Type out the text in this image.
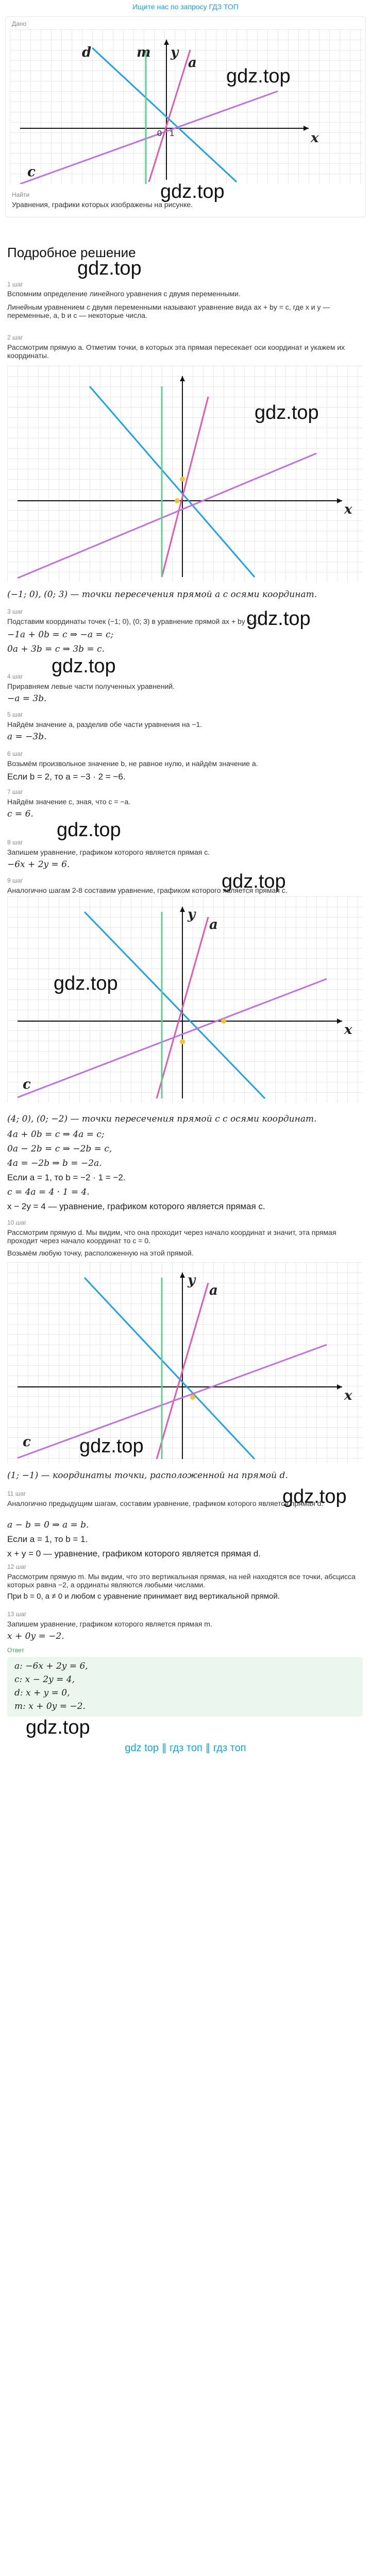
Ищите нас по запросу ГДЗ ТОП
Дано
gdz.top
d	m y
a
x
c
0 1
gdz.top
Найти
Уравнения, графики которых изображены на рисунке.
Подробное решение
gdz.top
1 шаг
Вспомним определение линейного уравнения с двумя переменными.
Линейным уравнением с двумя переменными называют уравнение вида ax + by = c, где x и y — переменные, a, b и c — некоторые числа.
2 шаг
Рассмотрим прямую a. Отметим точки, в которых эта прямая пересекает оси координат и укажем их координаты.
gdz.top
x
(−1; 0), (0; 3) — точки пересечения прямой a с осями координат.
gdz.top
3 шаг
Подставим координаты точек (−1; 0), (0; 3) в уравнение прямой ax + by = c.
−1a + 0b = c ⇒ −a = c;
0a + 3b = c ⇒ 3b = c.
gdz.top
4 шаг
Приравняем левые части полученных уравнений.
−a = 3b.
5 шаг
Найдём значение a, разделив обе части уравнения на −1.
a = −3b.
6 шаг
Возьмём произвольное значение b, не равное нулю, и найдём значение a.
Если b = 2, то a = −3 · 2 = −6.
7 шаг
Найдём значение c, зная, что c = −a.
c = 6.
gdz.top
8 шаг
Запишем уравнение, графиком которого является прямая c.
−6x + 2y = 6.
gdz.top
9 шаг
Аналогично шагам 2-8 составим уравнение, графиком которого является прямая c.
gdz.top
y
a
x
c
(4; 0), (0; −2) — точки пересечения прямой c с осями координат.
4a + 0b = c ⇒ 4a = c;
0a − 2b = c ⇒ −2b = c,
4a = −2b ⇒ b = −2a.
Если a = 1, то b = −2 · 1 = −2.
c = 4a = 4 · 1 = 4.
x − 2y = 4 — уравнение, графиком которого является прямая c.
10 шаг
Рассмотрим прямую d. Мы видим, что она проходит через начало координат и значит, эта прямая проходит через начало координат то c = 0.
Возьмём любую точку, расположенную на этой прямой.
y
a
x
c gdz.top
(1; −1) — координаты точки, расположенной на прямой d.
gdz.top
11 шаг
Аналогично предыдущим шагам, составим уравнение, графиком которого является прямая d.
a − b = 0 ⇒ a = b.
Если a = 1, то b = 1.
x + y = 0 — уравнение, графиком которого является прямая d.
12 шаг
Рассмотрим прямую m. Мы видим, что это вертикальная прямая, на ней находятся все точки, абсцисса которых равна −2, а ординаты являются любыми числами.
При b = 0, a ≠ 0 и любом c уравнение принимает вид вертикальной прямой.
13 шаг
Запишем уравнение, графиком которого является прямая m.
x + 0y = −2.
Ответ
a: −6x + 2y = 6,
c: x − 2y = 4,
d: x + y = 0,
m: x + 0y = −2.
gdz.top
gdz top ∥ гдз топ ∥ гдз топ
